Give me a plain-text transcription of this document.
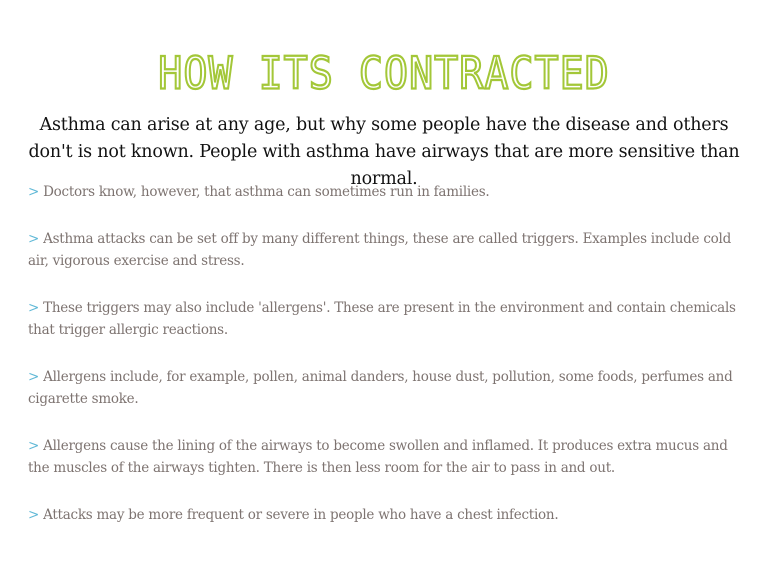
HOW ITS CONTRACTED
Asthma can arise at any age, but why some people have the disease and others don't is not known. People with asthma have airways that are more sensitive than normal.
> Doctors know, however, that asthma can sometimes run in families.
> Asthma attacks can be set off by many different things, these are called triggers. Examples include cold air, vigorous exercise and stress.
> These triggers may also include 'allergens'. These are present in the environment and contain chemicals that trigger allergic reactions.
> Allergens include, for example, pollen, animal danders, house dust, pollution, some foods, perfumes and cigarette smoke.
> Allergens cause the lining of the airways to become swollen and inflamed. It produces extra mucus and the muscles of the airways tighten. There is then less room for the air to pass in and out.
> Attacks may be more frequent or severe in people who have a chest infection.
